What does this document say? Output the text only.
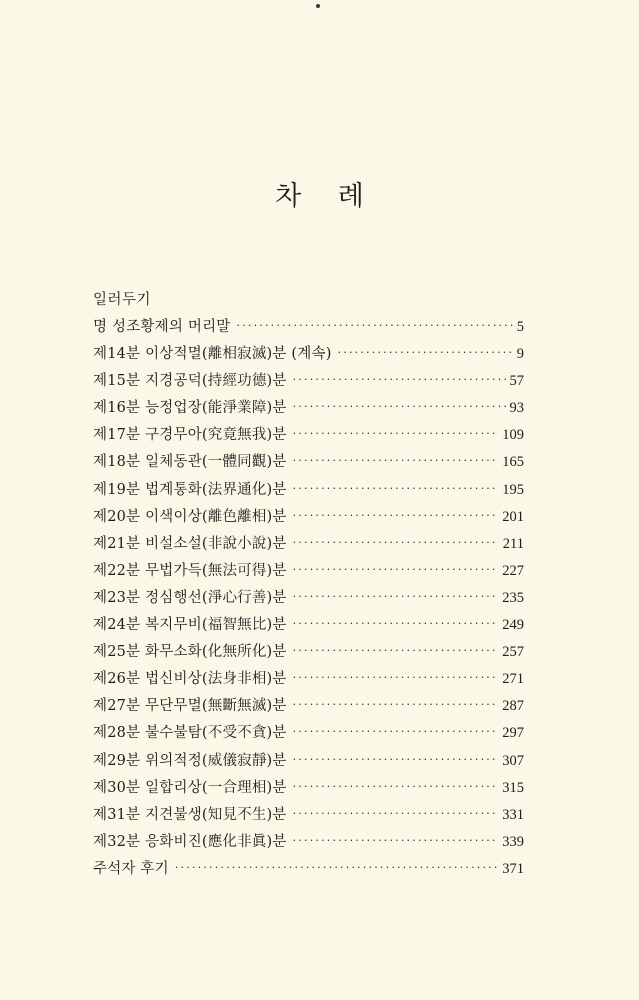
차 례
일러두기
명 성조황제의 머리말 ·····	5
제14분 이상적멸(離相寂滅)분 (계속) ·····	9
제15분 지경공덕(持經功德)분 ·····	57
제16분 능정업장(能淨業障)분 ·····	93
제17분 구경무아(究竟無我)분 ·····	109
제18분 일체동관(一體同觀)분 ·····	165
제19분 법계통화(法界通化)분 ·····	195
제20분 이색이상(離色離相)분 ·····	201
제21분 비설소설(非說小說)분 ·····	211
제22분 무법가득(無法可得)분 ·····	227
제23분 정심행선(淨心行善)분 ·····	235
제24분 복지무비(福智無比)분 ·····	249
제25분 화무소화(化無所化)분 ·····	257
제26분 법신비상(法身非相)분 ·····	271
제27분 무단무멸(無斷無滅)분 ·····	287
제28분 불수불탐(不受不貪)분 ·····	297
제29분 위의적정(威儀寂靜)분 ·····	307
제30분 일합리상(一合理相)분 ·····	315
제31분 지견불생(知見不生)분 ·····	331
제32분 응화비진(應化非眞)분 ·····	339
주석자 후기 ·····	371
